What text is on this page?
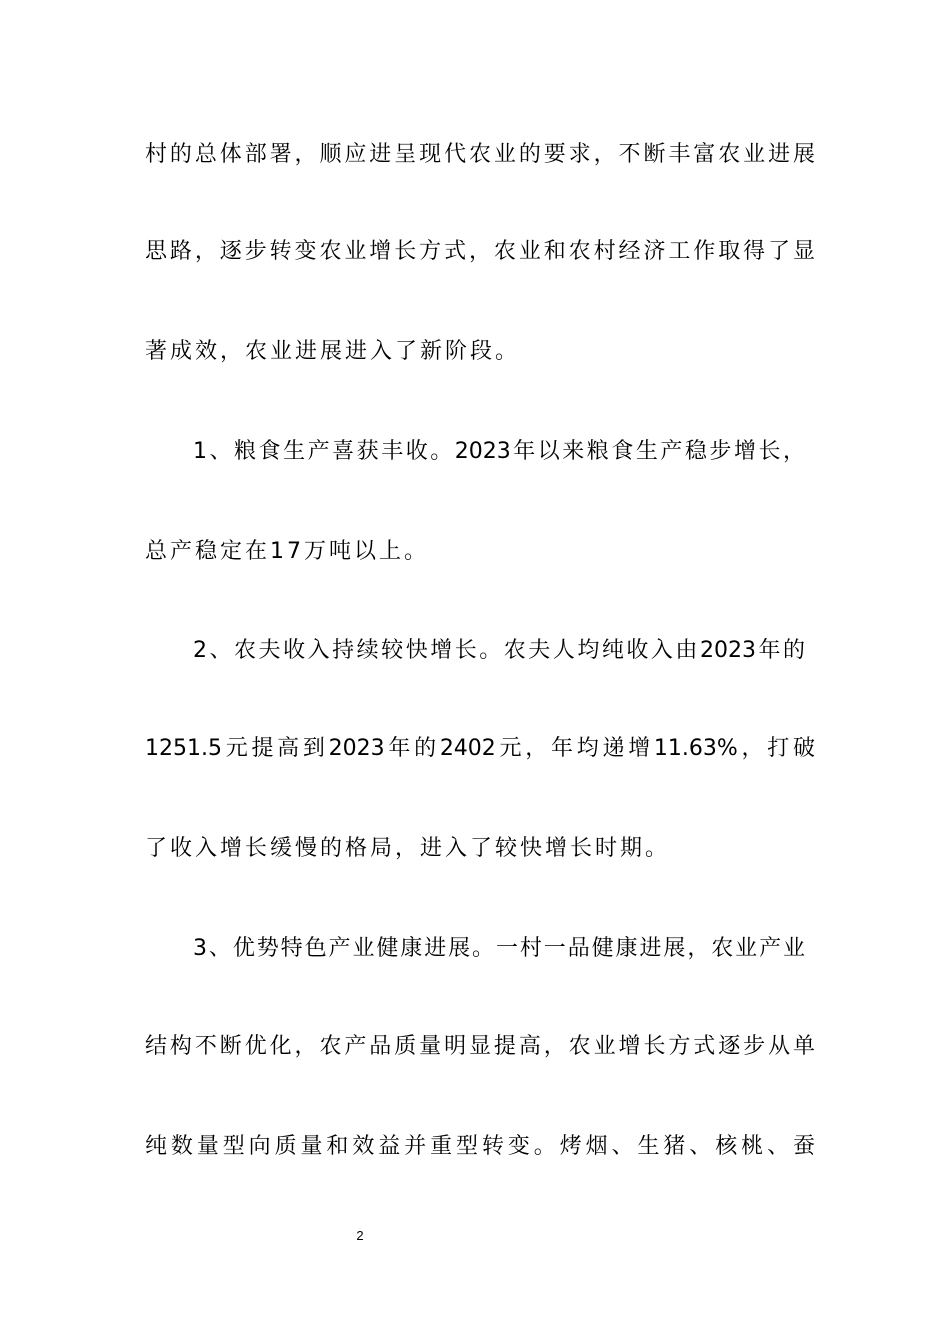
村的总体部署，顺应进呈现代农业的要求，不断丰富农业进展
思路，逐步转变农业增长方式，农业和农村经济工作取得了显
著成效，农业进展进入了新阶段。
1、粮食生产喜获丰收。2023年以来粮食生产稳步增长，
总产稳定在17万吨以上。
2、农夫收入持续较快增长。农夫人均纯收入由2023年的
1251.5元提高到2023年的2402元，年均递增11.63%，打破
了收入增长缓慢的格局，进入了较快增长时期。
3、优势特色产业健康进展。一村一品健康进展，农业产业
结构不断优化，农产品质量明显提高，农业增长方式逐步从单
纯数量型向质量和效益并重型转变。烤烟、生猪、核桃、蚕
2
